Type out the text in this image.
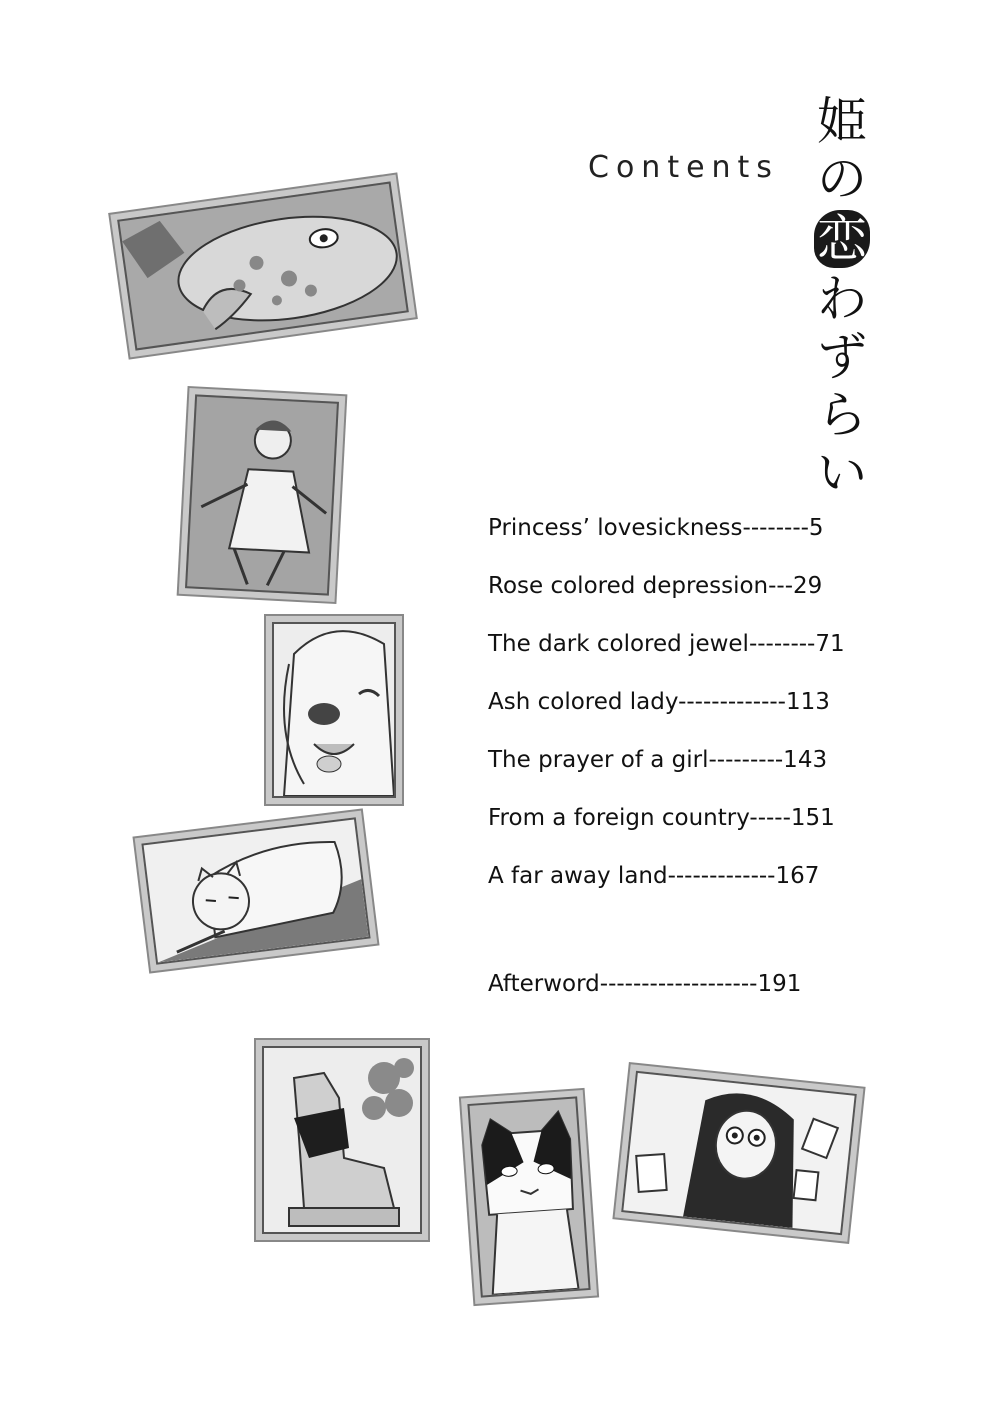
Contents
姫
の
恋
わ
ず
ら
い
Princess’ lovesickness--------5
Rose colored depression---29
The dark colored jewel--------71
Ash colored lady-------------113
The prayer of a girl---------143
From a foreign country-----151
A far away land-------------167
Afterword-------------------191
